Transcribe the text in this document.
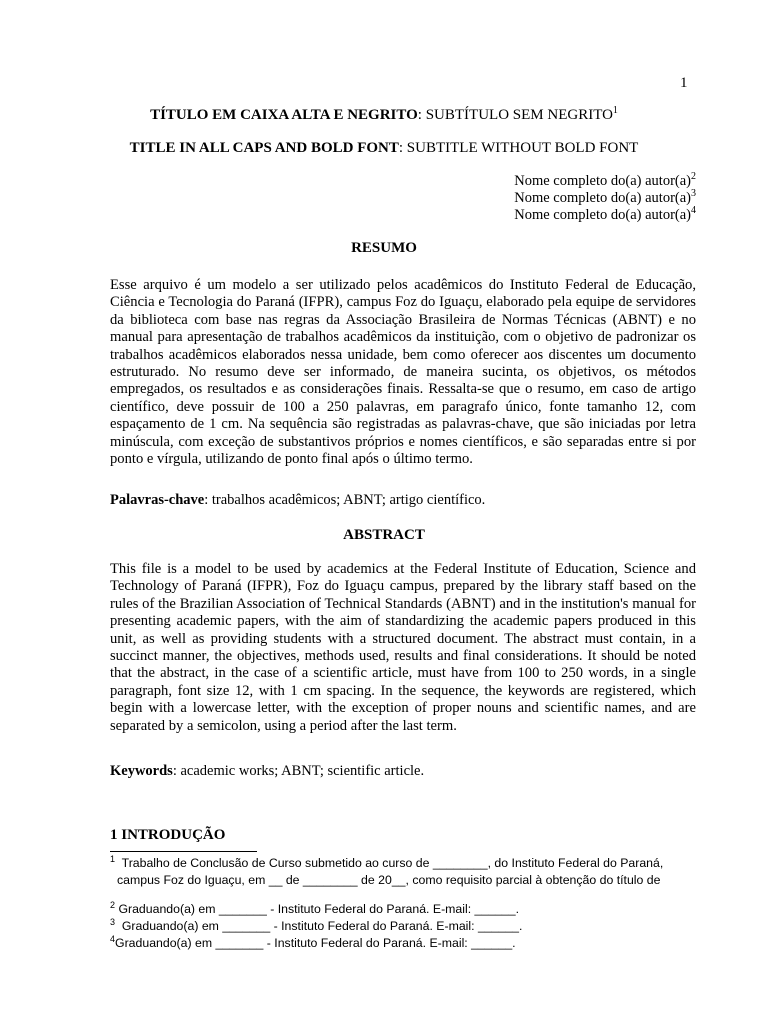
1
TÍTULO EM CAIXA ALTA E NEGRITO: SUBTÍTULO SEM NEGRITO$^1$
TITLE IN ALL CAPS AND BOLD FONT: SUBTITLE WITHOUT BOLD FONT
Nome completo do(a) $autor(a)^2$
Nome completo do(a) $autor(a)^3$
Nome completo do(a) $autor(a)^4$
RESUMO
Esse arquivo é um modelo a ser utilizado pelos acadêmicos do Instituto Federal de Educação, Ciência e Tecnologia do Paraná (IFPR), campus Foz do Iguaçu, elaborado pela equipe de servidores da biblioteca com base nas regras da Associação Brasileira de Normas Técnicas (ABNT) e no manual para apresentação de trabalhos acadêmicos da instituição, com o objetivo de padronizar os trabalhos acadêmicos elaborados nessa unidade, bem como oferecer aos discentes um documento estruturado. No resumo deve ser informado, de maneira sucinta, os objetivos, os métodos empregados, os resultados e as considerações finais. Ressalta-se que o resumo, em caso de artigo científico, deve possuir de 100 a 250 palavras, em paragrafo único, fonte tamanho 12, com espaçamento de 1 cm. Na sequência são registradas as palavras-chave, que são iniciadas por letra minúscula, com exceção de substantivos próprios e nomes científicos, e são separadas entre si por ponto e vírgula, utilizando de ponto final após o último termo.
Palavras-chave: trabalhos acadêmicos; ABNT; artigo científico.
ABSTRACT
This file is a model to be used by academics at the Federal Institute of Education, Science and Technology of Paraná (IFPR), Foz do Iguaçu campus, prepared by the library staff based on the rules of the Brazilian Association of Technical Standards (ABNT) and in the institution's manual for presenting academic papers, with the aim of standardizing the academic papers produced in this unit, as well as providing students with a structured document. The abstract must contain, in a succinct manner, the objectives, methods used, results and final considerations. It should be noted that the abstract, in the case of a scientific article, must have from 100 to 250 words, in a single paragraph, font size 12, with 1 cm spacing. In the sequence, the keywords are registered, which begin with a lowercase letter, with the exception of proper nouns and scientific names, and are separated by a semicolon, using a period after the last term.
Keywords: academic works; ABNT; scientific article.
1 INTRODUÇÃO
$^1$ Trabalho de Conclusão de Curso submetido ao curso de ________, do Instituto Federal do Paraná,
campus Foz do Iguaçu, em __ de ________ de 20__, como requisito parcial à obtenção do título de
$^2$ Graduando(a) em _______ - Instituto Federal do Paraná. E-mail: ______.
$^3$ Graduando(a) em _______ - Instituto Federal do Paraná. E-mail: ______.
$^4$Graduando(a) em _______ - Instituto Federal do Paraná. E-mail: ______.
